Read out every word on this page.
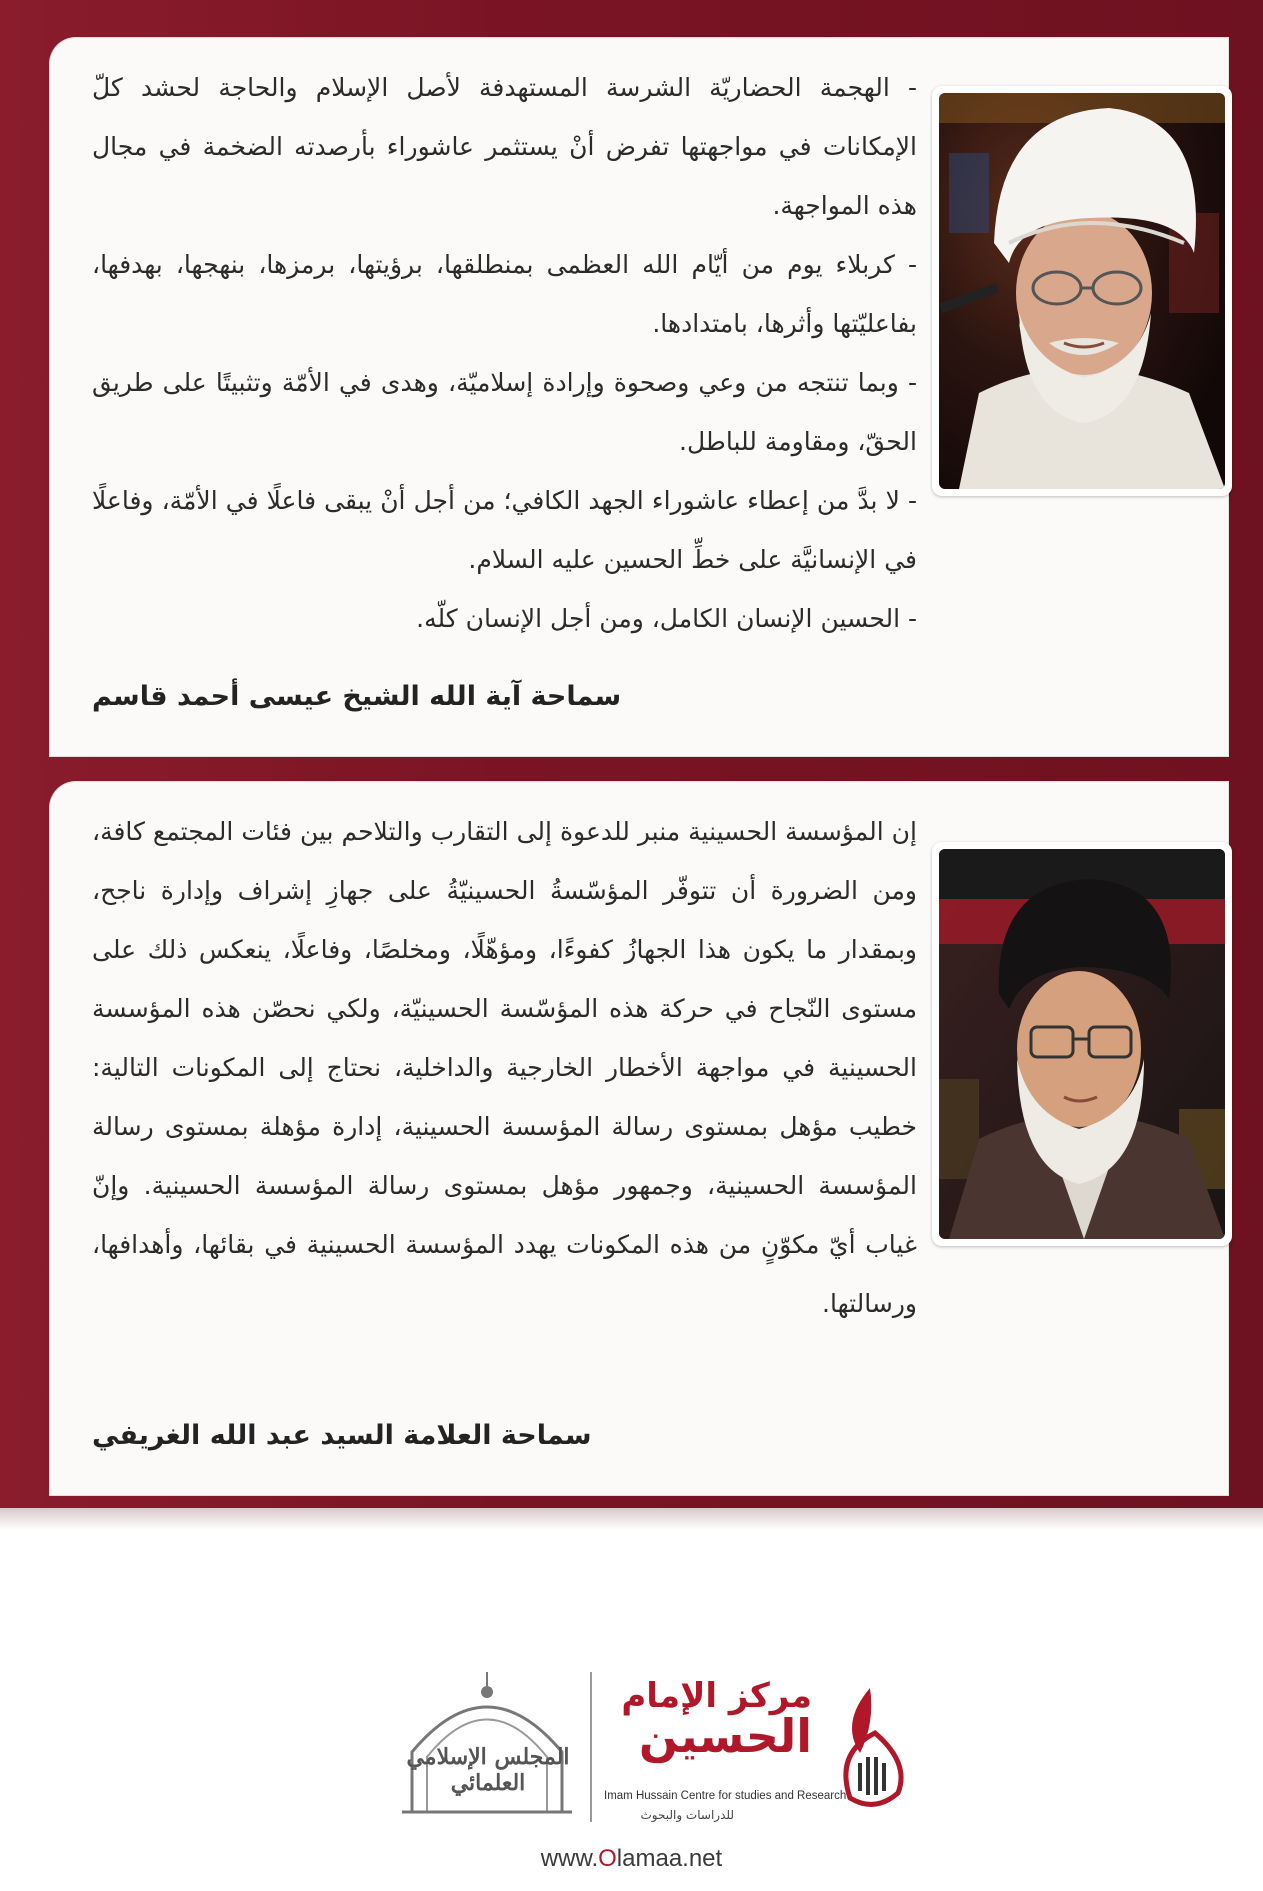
- الهجمة الحضاريّة الشرسة المستهدفة لأصل الإسلام والحاجة لحشد كلّ الإمكانات في مواجهتها تفرض أنْ يستثمر عاشوراء بأرصدته الضخمة في مجال هذه المواجهة.

- كربلاء يوم من أيّام الله العظمى بمنطلقها، برؤيتها، برمزها، بنهجها، بهدفها، بفاعليّتها وأثرها، بامتدادها.

- وبما تنتجه من وعي وصحوة وإرادة إسلاميّة، وهدى في الأمّة وتثبيتًا على طريق الحقّ، ومقاومة للباطل.

- لا بدَّ من إعطاء عاشوراء الجهد الكافي؛ من أجل أنْ يبقى فاعلًا في الأمّة، وفاعلًا في الإنسانيَّة على خطِّ الحسين عليه السلام.

- الحسين الإنسان الكامل، ومن أجل الإنسان كلّه.

سماحة آية الله الشيخ عيسى أحمد قاسم

إن المؤسسة الحسينية منبر للدعوة إلى التقارب والتلاحم بين فئات المجتمع كافة، ومن الضرورة أن تتوفّر المؤسّسةُ الحسينيّةُ على جهازِ إشراف وإدارة ناجح، وبمقدار ما يكون هذا الجهازُ كفوءًا، ومؤهّلًا، ومخلصًا، وفاعلًا، ينعكس ذلك على مستوى النّجاح في حركة هذه المؤسّسة الحسينيّة، ولكي نحصّن هذه المؤسسة الحسينية في مواجهة الأخطار الخارجية والداخلية، نحتاج إلى المكونات التالية: خطيب مؤهل بمستوى رسالة المؤسسة الحسينية، إدارة مؤهلة بمستوى رسالة المؤسسة الحسينية، وجمهور مؤهل بمستوى رسالة المؤسسة الحسينية. وإنّ غياب أيّ مكوّنٍ من هذه المكونات يهدد المؤسسة الحسينية في بقائها، وأهدافها، ورسالتها.

سماحة العلامة السيد عبد الله الغريفي
المجلس الإسلامي العلمائي
مركز الإمام
الحسين
Imam Hussain Centre for studies and Research
للدراسات والبحوث
www.Olamaa.net
